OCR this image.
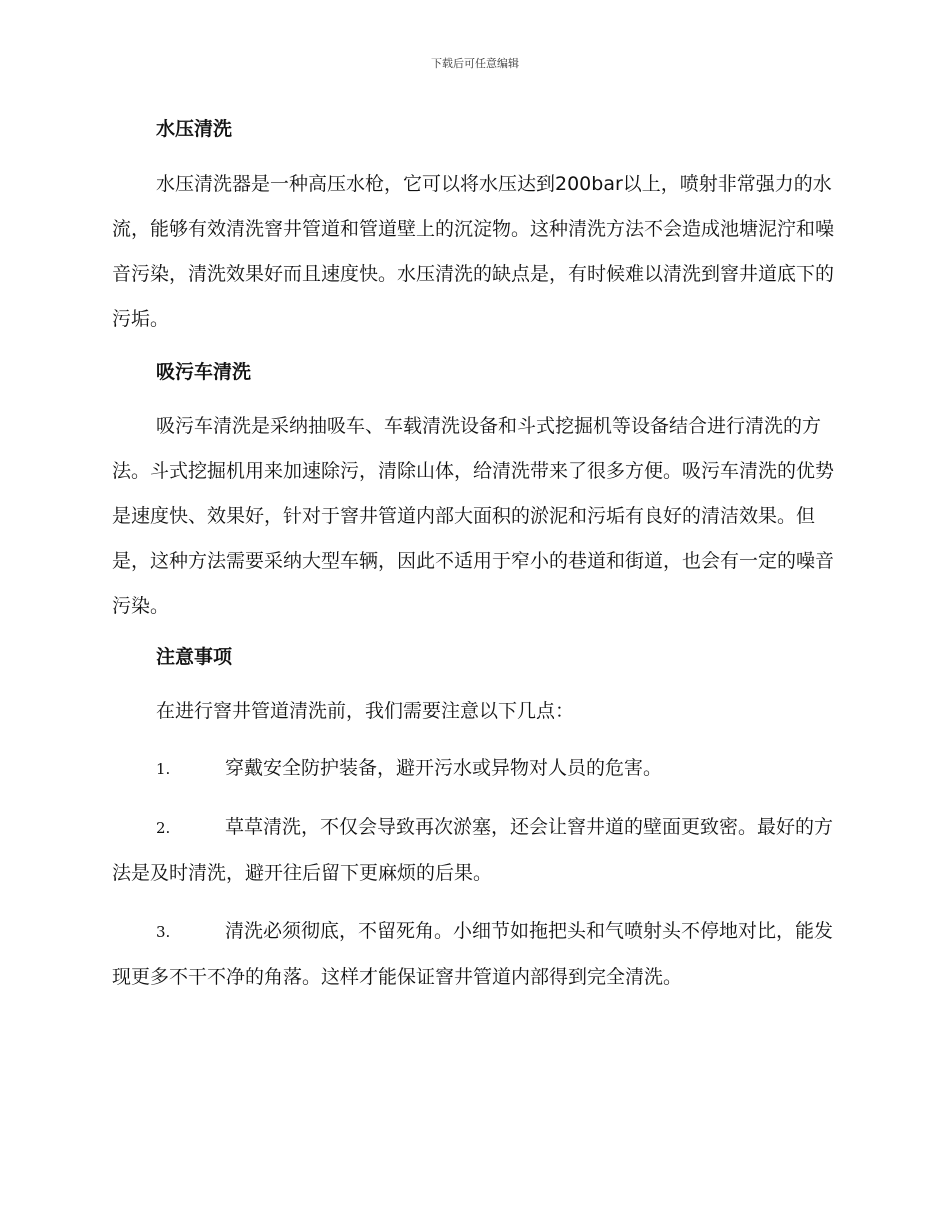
下载后可任意编辑
水压清洗

水压清洗器是一种高压水枪，它可以将水压达到200bar以上，喷射非常强力的水流，能够有效清洗窨井管道和管道壁上的沉淀物。这种清洗方法不会造成池塘泥泞和噪音污染，清洗效果好而且速度快。水压清洗的缺点是，有时候难以清洗到窨井道底下的污垢。

吸污车清洗

吸污车清洗是采纳抽吸车、车载清洗设备和斗式挖掘机等设备结合进行清洗的方法。斗式挖掘机用来加速除污，清除山体，给清洗带来了很多方便。吸污车清洗的优势是速度快、效果好，针对于窨井管道内部大面积的淤泥和污垢有良好的清洁效果。但是，这种方法需要采纳大型车辆，因此不适用于窄小的巷道和街道，也会有一定的噪音污染。

注意事项

在进行窨井管道清洗前，我们需要注意以下几点：

1.	穿戴安全防护装备，避开污水或异物对人员的危害。

2.	草草清洗，不仅会导致再次淤塞，还会让窨井道的壁面更致密。最好的方法是及时清洗，避开往后留下更麻烦的后果。

3.	清洗必须彻底，不留死角。小细节如拖把头和气喷射头不停地对比，能发现更多不干不净的角落。这样才能保证窨井管道内部得到完全清洗。
